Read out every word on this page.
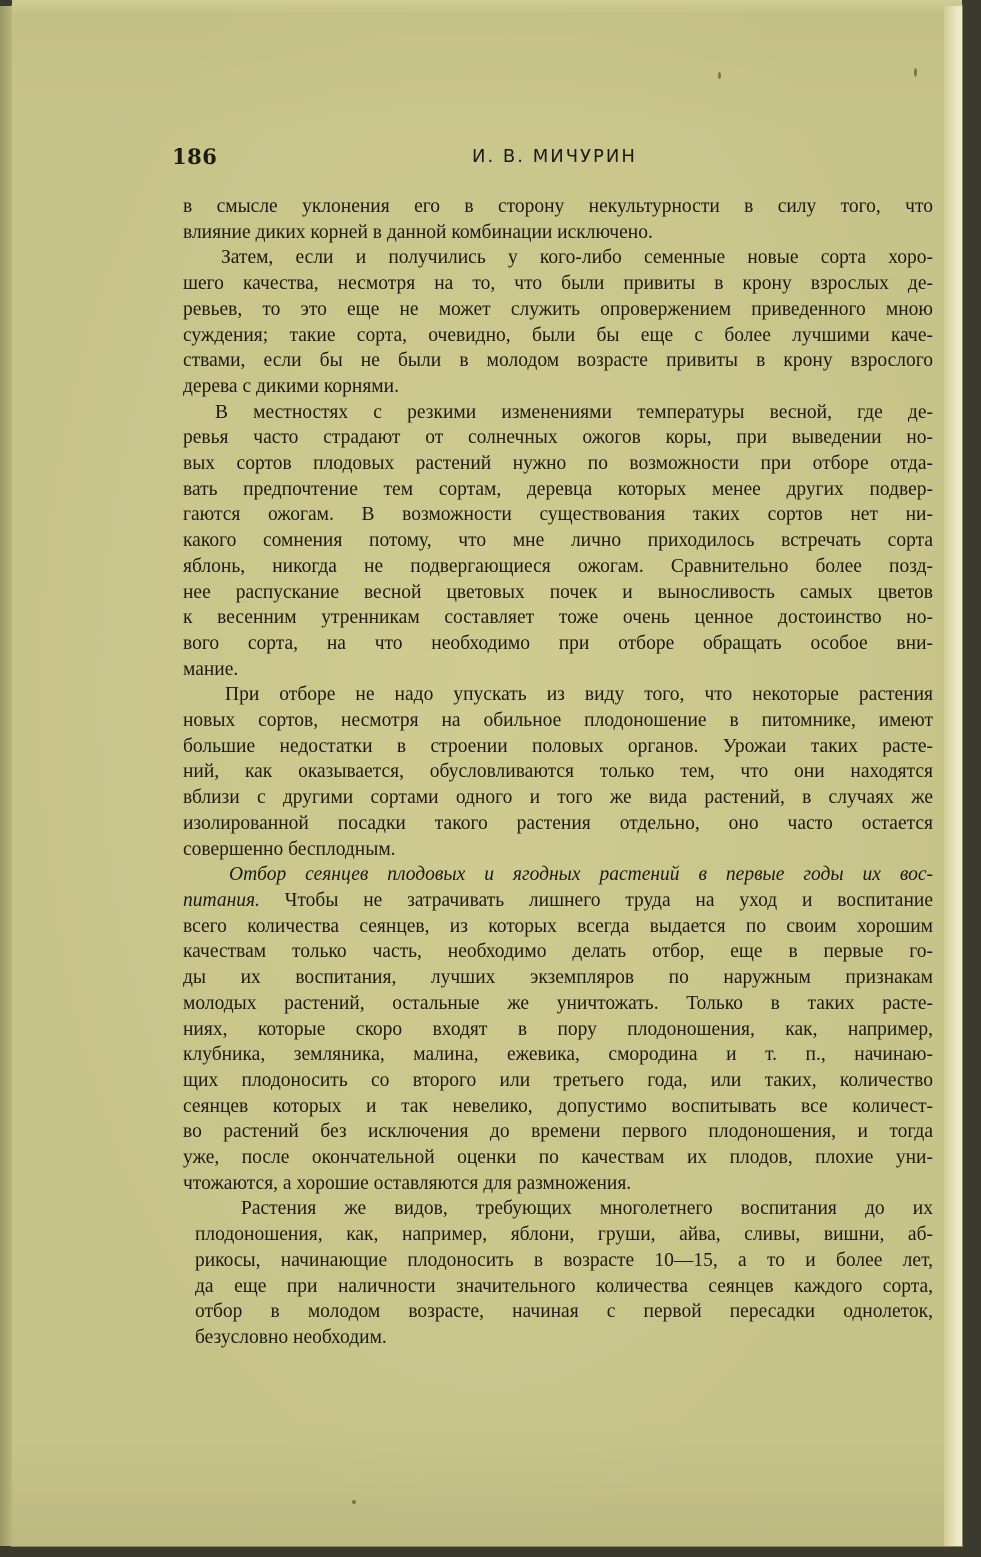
186	И. В. МИЧУРИН

в смысле уклонения его в сторону некультурности в силу того, что
влияние диких корней в данной комбинации исключено.

Затем, если и получились у кого-либо семенные новые сорта хоро-
шего качества, несмотря на то, что были привиты в крону взрослых де-
ревьев, то это еще не может служить опровержением приведенного мною
суждения; такие сорта, очевидно, были бы еще с более лучшими каче-
ствами, если бы не были в молодом возрасте привиты в крону взрослого
дерева с дикими корнями.

В местностях с резкими изменениями температуры весной, где де-
ревья часто страдают от солнечных ожогов коры, при выведении но-
вых сортов плодовых растений нужно по возможности при отборе отда-
вать предпочтение тем сортам, деревца которых менее других подвер-
гаются ожогам. В возможности существования таких сортов нет ни-
какого сомнения потому, что мне лично приходилось встречать сорта
яблонь, никогда не подвергающиеся ожогам. Сравнительно более позд-
нее распускание весной цветовых почек и выносливость самых цветов
к весенним утренникам составляет тоже очень ценное достоинство но-
вого сорта, на что необходимо при отборе обращать особое вни-
мание.

При отборе не надо упускать из виду того, что некоторые растения
новых сортов, несмотря на обильное плодоношение в питомнике, имеют
большие недостатки в строении половых органов. Урожаи таких расте-
ний, как оказывается, обусловливаются только тем, что они находятся
вблизи с другими сортами одного и того же вида растений, в случаях же
изолированной посадки такого растения отдельно, оно часто остается
совершенно бесплодным.

Отбор сеянцев плодовых и ягодных растений в первые годы их вос-
питания. Чтобы не затрачивать лишнего труда на уход и воспитание
всего количества сеянцев, из которых всегда выдается по своим хорошим
качествам только часть, необходимо делать отбор, еще в первые го-
ды их воспитания, лучших экземпляров по наружным признакам
молодых растений, остальные же уничтожать. Только в таких расте-
ниях, которые скоро входят в пору плодоношения, как, например,
клубника, земляника, малина, ежевика, смородина и т. п., начинаю-
щих плодоносить со второго или третьего года, или таких, количество
сеянцев которых и так невелико, допустимо воспитывать все количест-
во растений без исключения до времени первого плодоношения, и тогда
уже, после окончательной оценки по качествам их плодов, плохие уни-
чтожаются, а хорошие оставляются для размножения.

Растения же видов, требующих многолетнего воспитания до их
плодоношения, как, например, яблони, груши, айва, сливы, вишни, аб-
рикосы, начинающие плодоносить в возрасте 10—15, а то и более лет,
да еще при наличности значительного количества сеянцев каждого сорта,
отбор в молодом возрасте, начиная с первой пересадки однолеток,
безусловно необходим.
